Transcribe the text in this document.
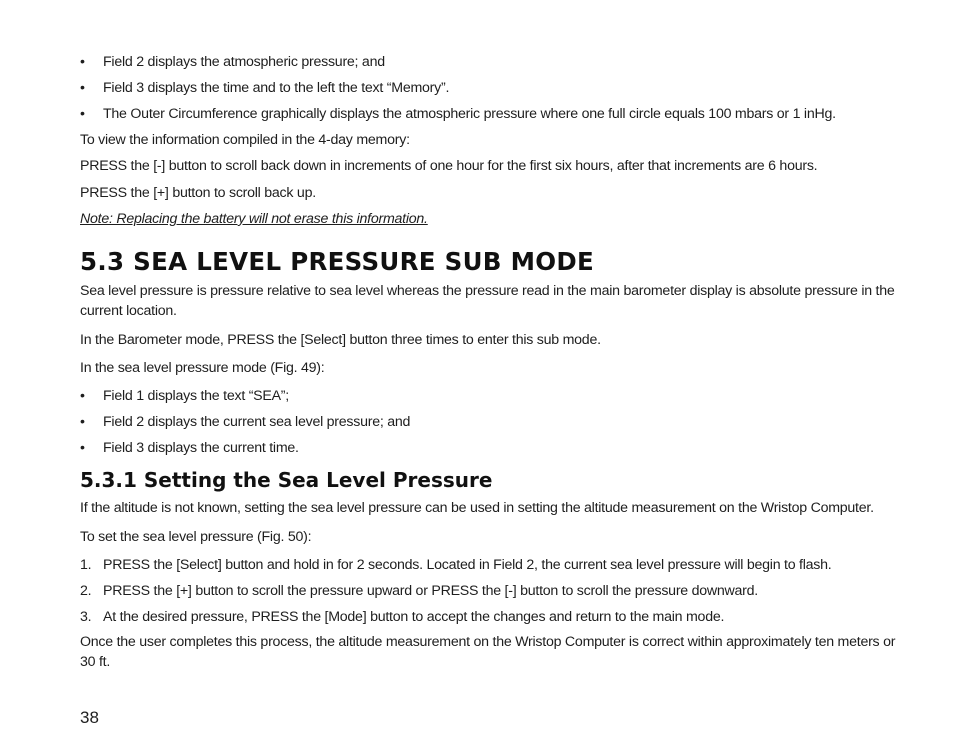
•	Field 2 displays the atmospheric pressure; and
•	Field 3 displays the time and to the left the text “Memory”.
•	The Outer Circumference graphically displays the atmospheric pressure where one full circle equals 100 mbars or 1 inHg.
To view the information compiled in the 4-day memory:
PRESS the [-] button to scroll back down in increments of one hour for the first six hours, after that increments are 6 hours.
PRESS the [+] button to scroll back up.
Note: Replacing the battery will not erase this information.
5.3 SEA LEVEL PRESSURE SUB MODE
Sea level pressure is pressure relative to sea level whereas the pressure read in the main barometer display is absolute pressure in the current location.
In the Barometer mode, PRESS the [Select] button three times to enter this sub mode.
In the sea level pressure mode (Fig. 49):
•	Field 1 displays the text “SEA”;
•	Field 2 displays the current sea level pressure; and
•	Field 3 displays the current time.
5.3.1 Setting the Sea Level Pressure
If the altitude is not known, setting the sea level pressure can be used in setting the altitude measurement on the Wristop Computer.
To set the sea level pressure (Fig. 50):
1. PRESS the [Select] button and hold in for 2 seconds. Located in Field 2, the current sea level pressure will begin to flash.
2. PRESS the [+] button to scroll the pressure upward or PRESS the [-] button to scroll the pressure downward.
3. At the desired pressure, PRESS the [Mode] button to accept the changes and return to the main mode.
Once the user completes this process, the altitude measurement on the Wristop Computer is correct within approximately ten meters or 30 ft.
38
